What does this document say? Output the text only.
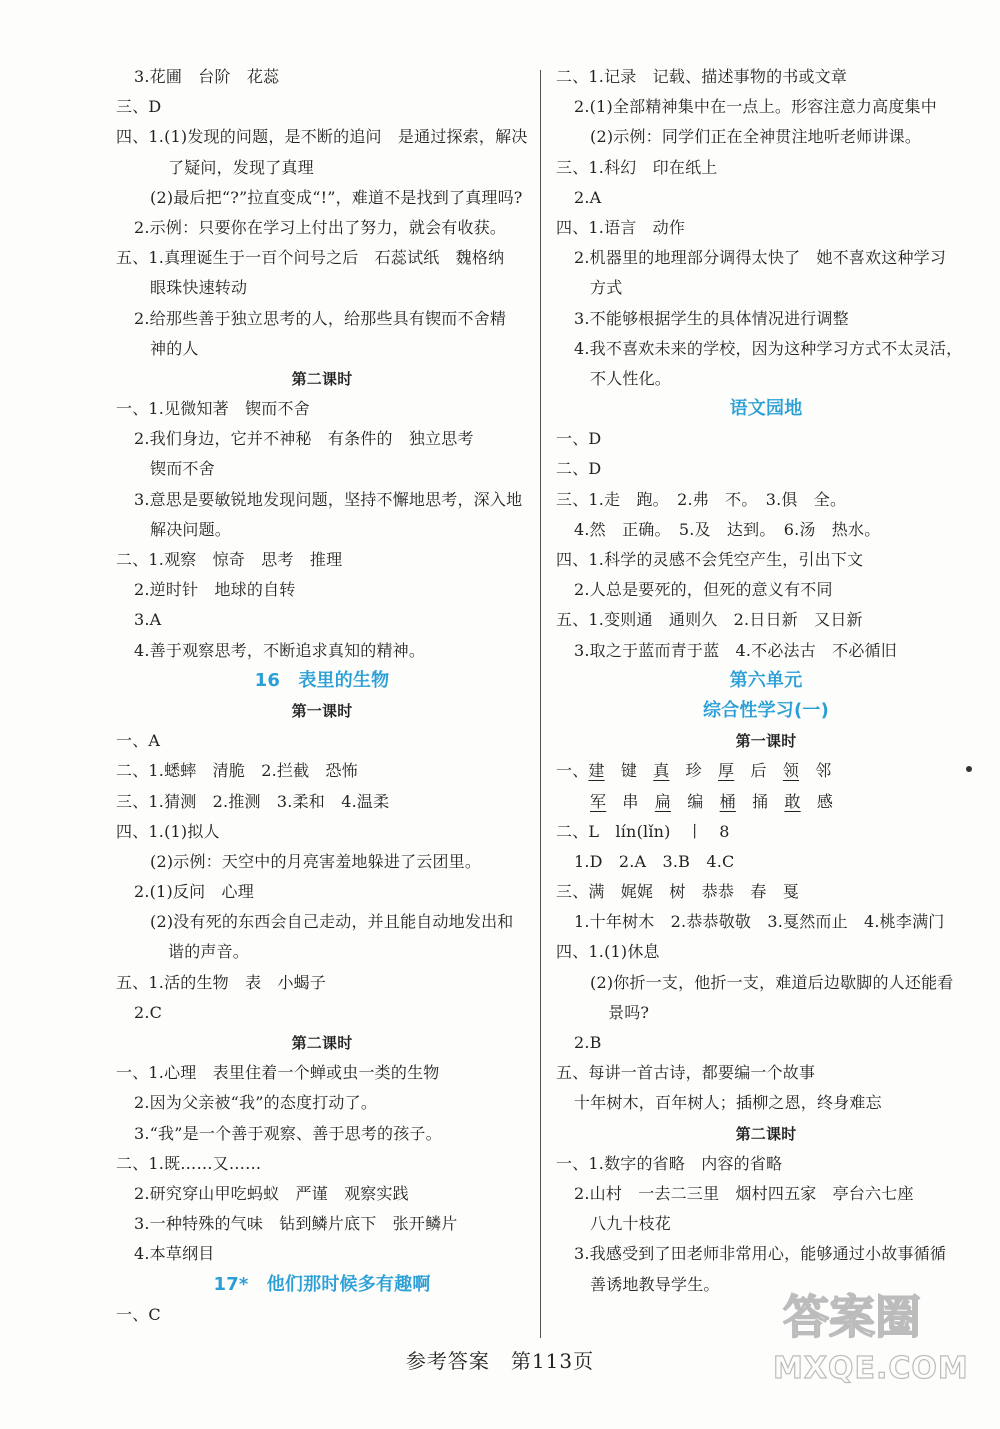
3.花圃　台阶　花蕊
三、D
四、1.(1)发现的问题，是不断的追问　是通过探索，解决
了疑问，发现了真理
(2)最后把“?”拉直变成“!”，难道不是找到了真理吗?
2.示例：只要你在学习上付出了努力，就会有收获。
五、1.真理诞生于一百个问号之后　石蕊试纸　魏格纳
眼珠快速转动
2.给那些善于独立思考的人，给那些具有锲而不舍精
神的人
第二课时
一、1.见微知著　锲而不舍
2.我们身边，它并不神秘　有条件的　独立思考
锲而不舍
3.意思是要敏锐地发现问题，坚持不懈地思考，深入地
解决问题。
二、1.观察　惊奇　思考　推理
2.逆时针　地球的自转
3.A
4.善于观察思考，不断追求真知的精神。
16　表里的生物
第一课时
一、A
二、1.蟋蟀　清脆　2.拦截　恐怖
三、1.猜测　2.推测　3.柔和　4.温柔
四、1.(1)拟人
(2)示例：天空中的月亮害羞地躲进了云团里。
2.(1)反问　心理
(2)没有死的东西会自己走动，并且能自动地发出和
谐的声音。
五、1.活的生物　表　小蝎子
2.C
第二课时
一、1.心理　表里住着一个蝉或虫一类的生物
2.因为父亲被“我”的态度打动了。
3.“我”是一个善于观察、善于思考的孩子。
二、1.既……又……
2.研究穿山甲吃蚂蚁　严谨　观察实践
3.一种特殊的气味　钻到鳞片底下　张开鳞片
4.本草纲目
17*　他们那时候多有趣啊
一、C
二、1.记录　记载、描述事物的书或文章
2.(1)全部精神集中在一点上。形容注意力高度集中
(2)示例：同学们正在全神贯注地听老师讲课。
三、1.科幻　印在纸上
2.A
四、1.语言　动作
2.机器里的地理部分调得太快了　她不喜欢这种学习
方式
3.不能够根据学生的具体情况进行调整
4.我不喜欢未来的学校，因为这种学习方式不太灵活，
不人性化。
语文园地
一、D
二、D
三、1.走　跑。　2.弗　不。　3.俱　全。
4.然　正确。　5.及　达到。　6.汤　热水。
四、1.科学的灵感不会凭空产生，引出下文
2.人总是要死的，但死的意义有不同
五、1.变则通　通则久　2.日日新　又日新
3.取之于蓝而青于蓝　4.不必法古　不必循旧
第六单元
综合性学习(一)
第一课时
一、建　 键　 真　 珍　 厚　 后　 领　 邻
军　 串　 扁　 编　 桶　 捅　 敢　 感
二、L　lín(lǐn)　丨　8
1.D　2.A　3.B　4.C
三、满　娓娓　树　恭恭　春　戛
1.十年树木　2.恭恭敬敬　3.戛然而止　4.桃李满门
四、1.(1)休息
(2)你折一支，他折一支，难道后边歇脚的人还能看
景吗?
2.B
五、每讲一首古诗，都要编一个故事
十年树木，百年树人；插柳之恩，终身难忘
第二课时
一、1.数字的省略　内容的省略
2.山村　一去二三里　烟村四五家　亭台六七座
八九十枝花
3.我感受到了田老师非常用心，能够通过小故事循循
善诱地教导学生。
参考答案　第113页
答案圈
MXQE.COM
